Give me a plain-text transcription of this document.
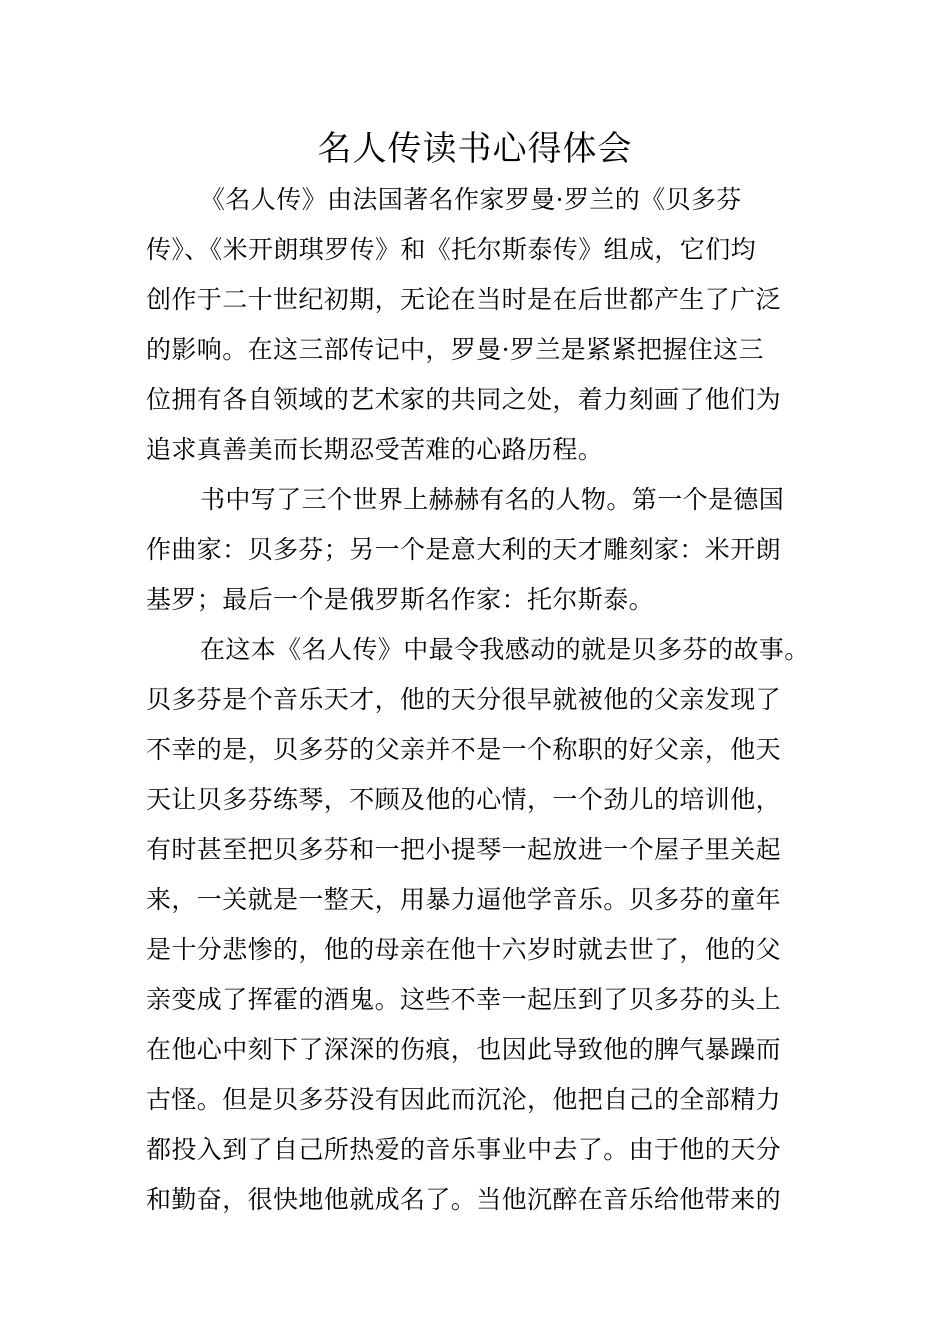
名人传读书心得体会
《名人传》由法国著名作家罗曼·罗兰的《贝多芬
传》、《米开朗琪罗传》和《托尔斯泰传》组成，它们均
创作于二十世纪初期，无论在当时是在后世都产生了广泛
的影响。在这三部传记中，罗曼·罗兰是紧紧把握住这三
位拥有各自领域的艺术家的共同之处，着力刻画了他们为
追求真善美而长期忍受苦难的心路历程。
书中写了三个世界上赫赫有名的人物。第一个是德国
作曲家：贝多芬；另一个是意大利的天才雕刻家：米开朗
基罗；最后一个是俄罗斯名作家：托尔斯泰。
在这本《名人传》中最令我感动的就是贝多芬的故事。
贝多芬是个音乐天才，他的天分很早就被他的父亲发现了
不幸的是，贝多芬的父亲并不是一个称职的好父亲，他天
天让贝多芬练琴，不顾及他的心情，一个劲儿的培训他，
有时甚至把贝多芬和一把小提琴一起放进一个屋子里关起
来，一关就是一整天，用暴力逼他学音乐。贝多芬的童年
是十分悲惨的，他的母亲在他十六岁时就去世了，他的父
亲变成了挥霍的酒鬼。这些不幸一起压到了贝多芬的头上
在他心中刻下了深深的伤痕，也因此导致他的脾气暴躁而
古怪。但是贝多芬没有因此而沉沦，他把自己的全部精力
都投入到了自己所热爱的音乐事业中去了。由于他的天分
和勤奋，很快地他就成名了。当他沉醉在音乐给他带来的
